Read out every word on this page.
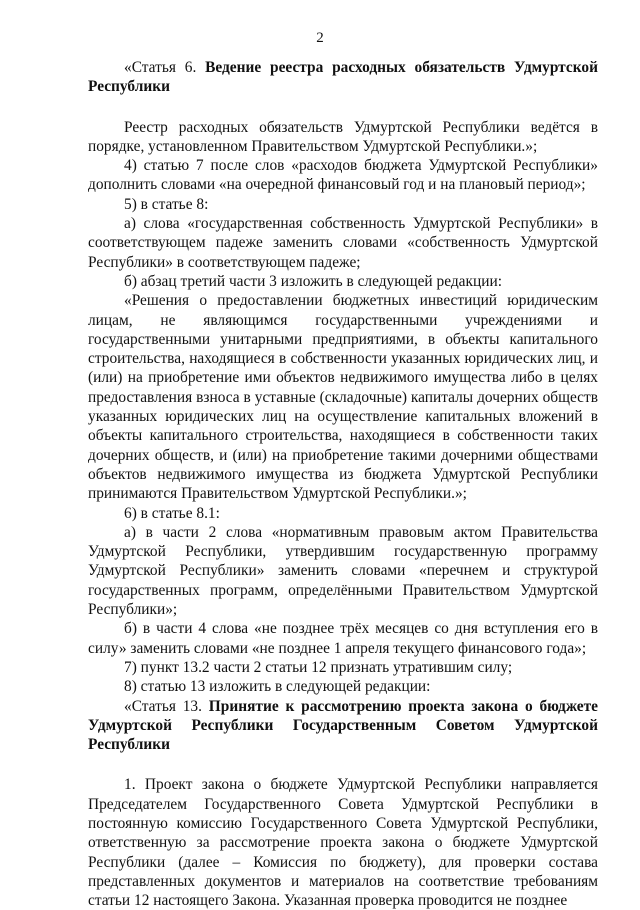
2

«Статья 6. Ведение реестра расходных обязательств Удмуртской Республики

Реестр расходных обязательств Удмуртской Республики ведётся в порядке, установленном Правительством Удмуртской Республики.»;

4) статью 7 после слов «расходов бюджета Удмуртской Республики» дополнить словами «на очередной финансовый год и на плановый период»;

5) в статье 8:

а) слова «государственная собственность Удмуртской Республики» в соответствующем падеже заменить словами «собственность Удмуртской Республики» в соответствующем падеже;

б) абзац третий части 3 изложить в следующей редакции:

«Решения о предоставлении бюджетных инвестиций юридическим лицам, не являющимся государственными учреждениями и государственными унитарными предприятиями, в объекты капитального строительства, находящиеся в собственности указанных юридических лиц, и (или) на приобретение ими объектов недвижимого имущества либо в целях предоставления взноса в уставные (складочные) капиталы дочерних обществ указанных юридических лиц на осуществление капитальных вложений в объекты капитального строительства, находящиеся в собственности таких дочерних обществ, и (или) на приобретение такими дочерними обществами объектов недвижимого имущества из бюджета Удмуртской Республики принимаются Правительством Удмуртской Республики.»;

6) в статье 8.1:

а) в части 2 слова «нормативным правовым актом Правительства Удмуртской Республики, утвердившим государственную программу Удмуртской Республики» заменить словами «перечнем и структурой государственных программ, определёнными Правительством Удмуртской Республики»;

б) в части 4 слова «не позднее трёх месяцев со дня вступления его в силу» заменить словами «не позднее 1 апреля текущего финансового года»;

7) пункт 13.2 части 2 статьи 12 признать утратившим силу;

8) статью 13 изложить в следующей редакции:

«Статья 13. Принятие к рассмотрению проекта закона о бюджете Удмуртской Республики Государственным Советом Удмуртской Республики

1. Проект закона о бюджете Удмуртской Республики направляется Председателем Государственного Совета Удмуртской Республики в постоянную комиссию Государственного Совета Удмуртской Республики, ответственную за рассмотрение проекта закона о бюджете Удмуртской Республики (далее – Комиссия по бюджету), для проверки состава представленных документов и материалов на соответствие требованиям статьи 12 настоящего Закона. Указанная проверка проводится не позднее
